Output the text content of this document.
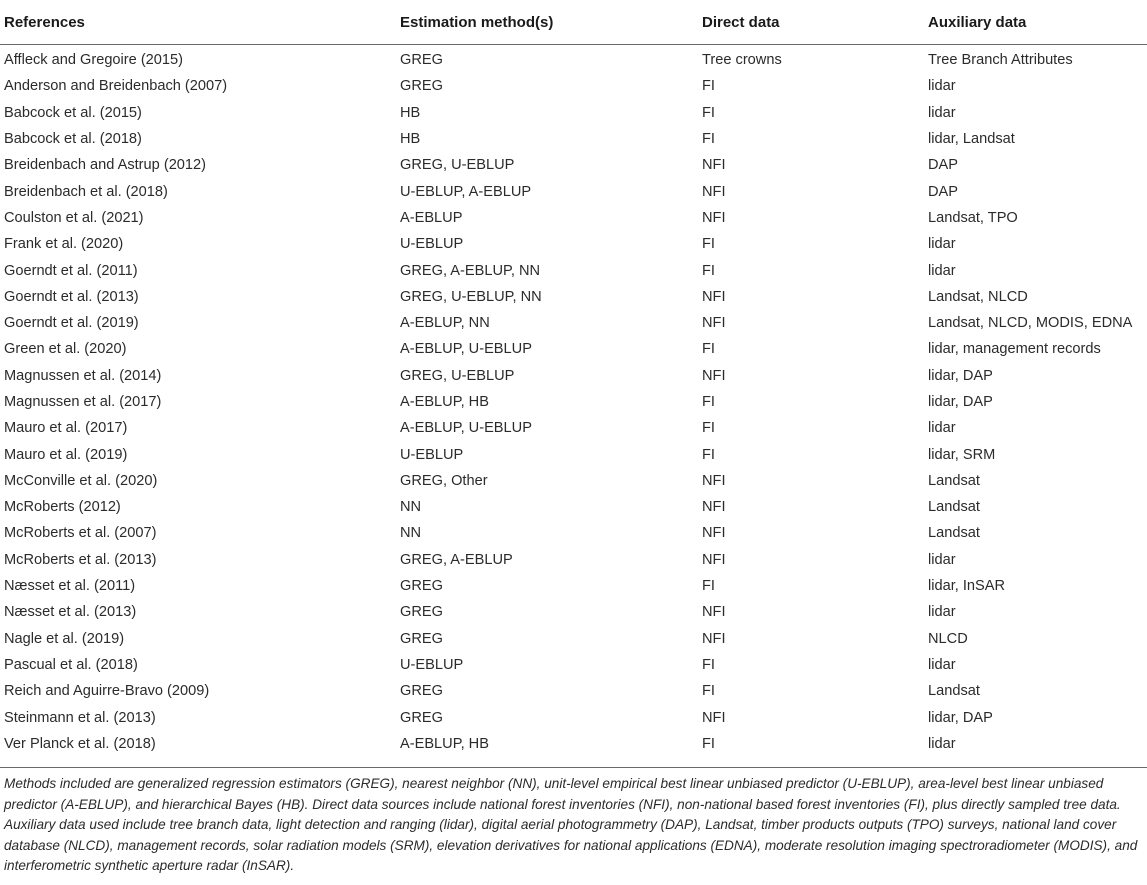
References	Estimation method(s)	Direct data	Auxiliary data
Affleck and Gregoire (2015)	GREG	Tree crowns	Tree Branch Attributes
Anderson and Breidenbach (2007)	GREG	FI	lidar
Babcock et al. (2015)	HB	FI	lidar
Babcock et al. (2018)	HB	FI	lidar, Landsat
Breidenbach and Astrup (2012)	GREG, U-EBLUP	NFI	DAP
Breidenbach et al. (2018)	U-EBLUP, A-EBLUP	NFI	DAP
Coulston et al. (2021)	A-EBLUP	NFI	Landsat, TPO
Frank et al. (2020)	U-EBLUP	FI	lidar
Goerndt et al. (2011)	GREG, A-EBLUP, NN	FI	lidar
Goerndt et al. (2013)	GREG, U-EBLUP, NN	NFI	Landsat, NLCD
Goerndt et al. (2019)	A-EBLUP, NN	NFI	Landsat, NLCD, MODIS, EDNA
Green et al. (2020)	A-EBLUP, U-EBLUP	FI	lidar, management records
Magnussen et al. (2014)	GREG, U-EBLUP	NFI	lidar, DAP
Magnussen et al. (2017)	A-EBLUP, HB	FI	lidar, DAP
Mauro et al. (2017)	A-EBLUP, U-EBLUP	FI	lidar
Mauro et al. (2019)	U-EBLUP	FI	lidar, SRM
McConville et al. (2020)	GREG, Other	NFI	Landsat
McRoberts (2012)	NN	NFI	Landsat
McRoberts et al. (2007)	NN	NFI	Landsat
McRoberts et al. (2013)	GREG, A-EBLUP	NFI	lidar
Næsset et al. (2011)	GREG	FI	lidar, InSAR
Næsset et al. (2013)	GREG	NFI	lidar
Nagle et al. (2019)	GREG	NFI	NLCD
Pascual et al. (2018)	U-EBLUP	FI	lidar
Reich and Aguirre-Bravo (2009)	GREG	FI	Landsat
Steinmann et al. (2013)	GREG	NFI	lidar, DAP
Ver Planck et al. (2018)	A-EBLUP, HB	FI	lidar
Methods included are generalized regression estimators (GREG), nearest neighbor (NN), unit-level empirical best linear unbiased predictor (U-EBLUP), area-level best linear unbiased predictor (A-EBLUP), and hierarchical Bayes (HB). Direct data sources include national forest inventories (NFI), non-national based forest inventories (FI), plus directly sampled tree data. Auxiliary data used include tree branch data, light detection and ranging (lidar), digital aerial photogrammetry (DAP), Landsat, timber products outputs (TPO) surveys, national land cover database (NLCD), management records, solar radiation models (SRM), elevation derivatives for national applications (EDNA), moderate resolution imaging spectroradiometer (MODIS), and interferometric synthetic aperture radar (InSAR).
